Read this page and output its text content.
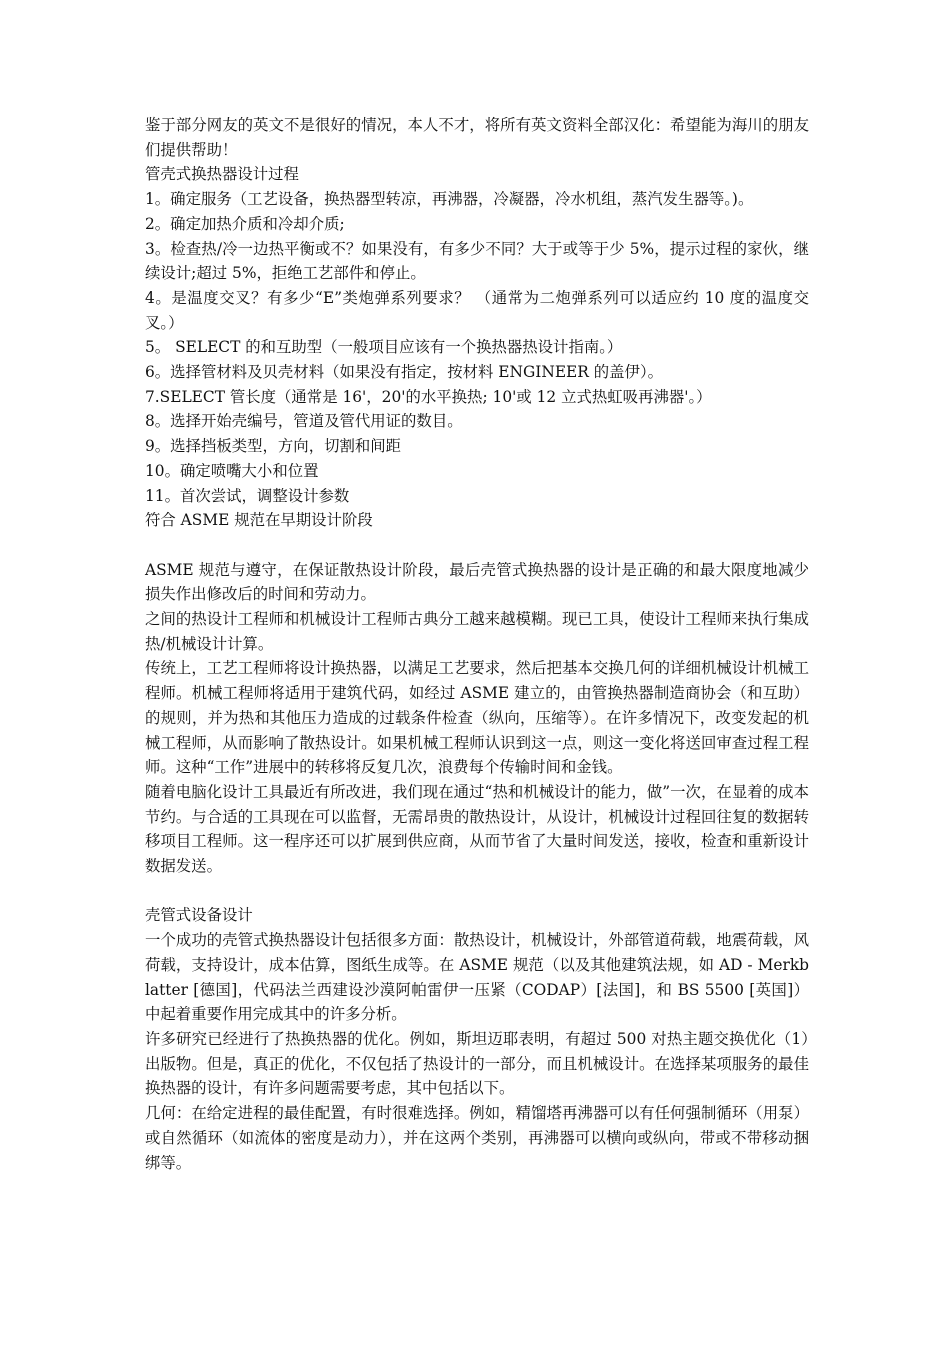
鉴于部分网友的英文不是很好的情况，本人不才，将所有英文资料全部汉化：希望能为海川的朋友们提供帮助！

管壳式换热器设计过程

1。确定服务（工艺设备，换热器型转凉，再沸器，冷凝器，冷水机组，蒸汽发生器等。)。

2。确定加热介质和冷却介质;

3。检查热/冷一边热平衡或不？如果没有，有多少不同？大于或等于少 5%，提示过程的家伙，继续设计;超过 5%，拒绝工艺部件和停止。

4。是温度交叉？有多少“E”类炮弹系列要求？ （通常为二炮弹系列可以适应约 10 度的温度交叉。）

5。 SELECT 的和互助型（一般项目应该有一个换热器热设计指南。）

6。选择管材料及贝壳材料（如果没有指定，按材料 ENGINEER 的盖伊）。

7.SELECT 管长度（通常是 16'，20'的水平换热; 10'或 12 立式热虹吸再沸器'。）

8。选择开始壳编号，管道及管代用证的数目。

9。选择挡板类型，方向，切割和间距

10。确定喷嘴大小和位置

11。首次尝试，调整设计参数

符合 ASME 规范在早期设计阶段

ASME 规范与遵守，在保证散热设计阶段，最后壳管式换热器的设计是正确的和最大限度地减少损失作出修改后的时间和劳动力。

之间的热设计工程师和机械设计工程师古典分工越来越模糊。现已工具，使设计工程师来执行集成热/机械设计计算。

传统上，工艺工程师将设计换热器，以满足工艺要求，然后把基本交换几何的详细机械设计机械工程师。机械工程师将适用于建筑代码，如经过 ASME 建立的，由管换热器制造商协会（和互助）的规则，并为热和其他压力造成的过载条件检查（纵向，压缩等）。在许多情况下，改变发起的机械工程师，从而影响了散热设计。如果机械工程师认识到这一点，则这一变化将送回审查过程工程师。这种“工作”进展中的转移将反复几次，浪费每个传输时间和金钱。

随着电脑化设计工具最近有所改进，我们现在通过“热和机械设计的能力，做”一次，在显着的成本节约。与合适的工具现在可以监督，无需昂贵的散热设计，从设计，机械设计过程回往复的数据转移项目工程师。这一程序还可以扩展到供应商，从而节省了大量时间发送，接收，检查和重新设计数据发送。

壳管式设备设计

一个成功的壳管式换热器设计包括很多方面：散热设计，机械设计，外部管道荷载，地震荷载，风荷载，支持设计，成本估算，图纸生成等。在 ASME 规范（以及其他建筑法规，如 AD - Merkblatter [德国]，代码法兰西建设沙漠阿帕雷伊一压紧（CODAP）[法国]，和 BS 5500 [英国]）中起着重要作用完成其中的许多分析。

许多研究已经进行了热换热器的优化。例如，斯坦迈耶表明，有超过 500 对热主题交换优化（1）出版物。但是，真正的优化，不仅包括了热设计的一部分，而且机械设计。在选择某项服务的最佳换热器的设计，有许多问题需要考虑，其中包括以下。

几何：在给定进程的最佳配置，有时很难选择。例如，精馏塔再沸器可以有任何强制循环（用泵）或自然循环（如流体的密度是动力），并在这两个类别，再沸器可以横向或纵向，带或不带移动捆绑等。
